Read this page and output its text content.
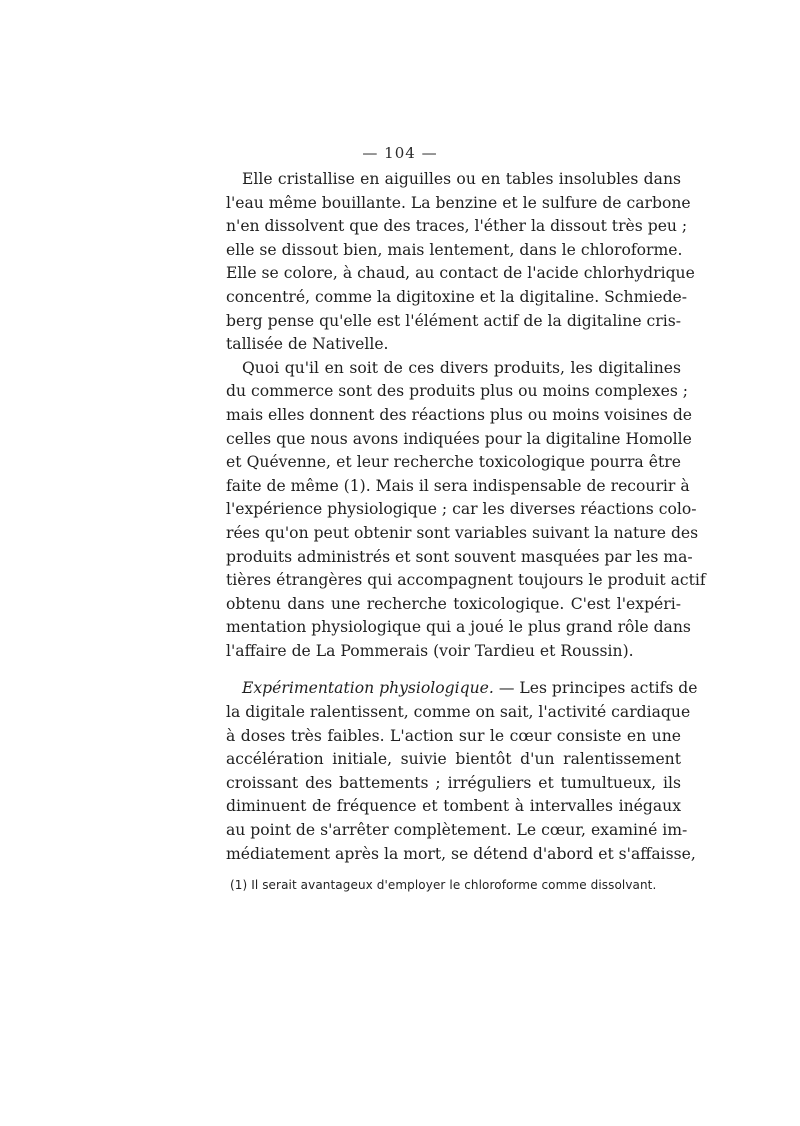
— 104 —
Elle cristallise en aiguilles ou en tables insolubles dans
l'eau même bouillante. La benzine et le sulfure de carbone
n'en dissolvent que des traces, l'éther la dissout très peu ;
elle se dissout bien, mais lentement, dans le chloroforme.
Elle se colore, à chaud, au contact de l'acide chlorhydrique
concentré, comme la digitoxine et la digitaline. Schmiede-
berg pense qu'elle est l'élément actif de la digitaline cris-
tallisée de Nativelle.
Quoi qu'il en soit de ces divers produits, les digitalines
du commerce sont des produits plus ou moins complexes ;
mais elles donnent des réactions plus ou moins voisines de
celles que nous avons indiquées pour la digitaline Homolle
et Quévenne, et leur recherche toxicologique pourra être
faite de même (1). Mais il sera indispensable de recourir à
l'expérience physiologique ; car les diverses réactions colo-
rées qu'on peut obtenir sont variables suivant la nature des
produits administrés et sont souvent masquées par les ma-
tières étrangères qui accompagnent toujours le produit actif
obtenu dans une recherche toxicologique. C'est l'expéri-
mentation physiologique qui a joué le plus grand rôle dans
l'affaire de La Pommerais (voir Tardieu et Roussin).
Expérimentation physiologique. — Les principes actifs de
la digitale ralentissent, comme on sait, l'activité cardiaque
à doses très faibles. L'action sur le cœur consiste en une
accélération initiale, suivie bientôt d'un ralentissement
croissant des battements ; irréguliers et tumultueux, ils
diminuent de fréquence et tombent à intervalles inégaux
au point de s'arrêter complètement. Le cœur, examiné im-
médiatement après la mort, se détend d'abord et s'affaisse,
(1) Il serait avantageux d'employer le chloroforme comme dissolvant.
